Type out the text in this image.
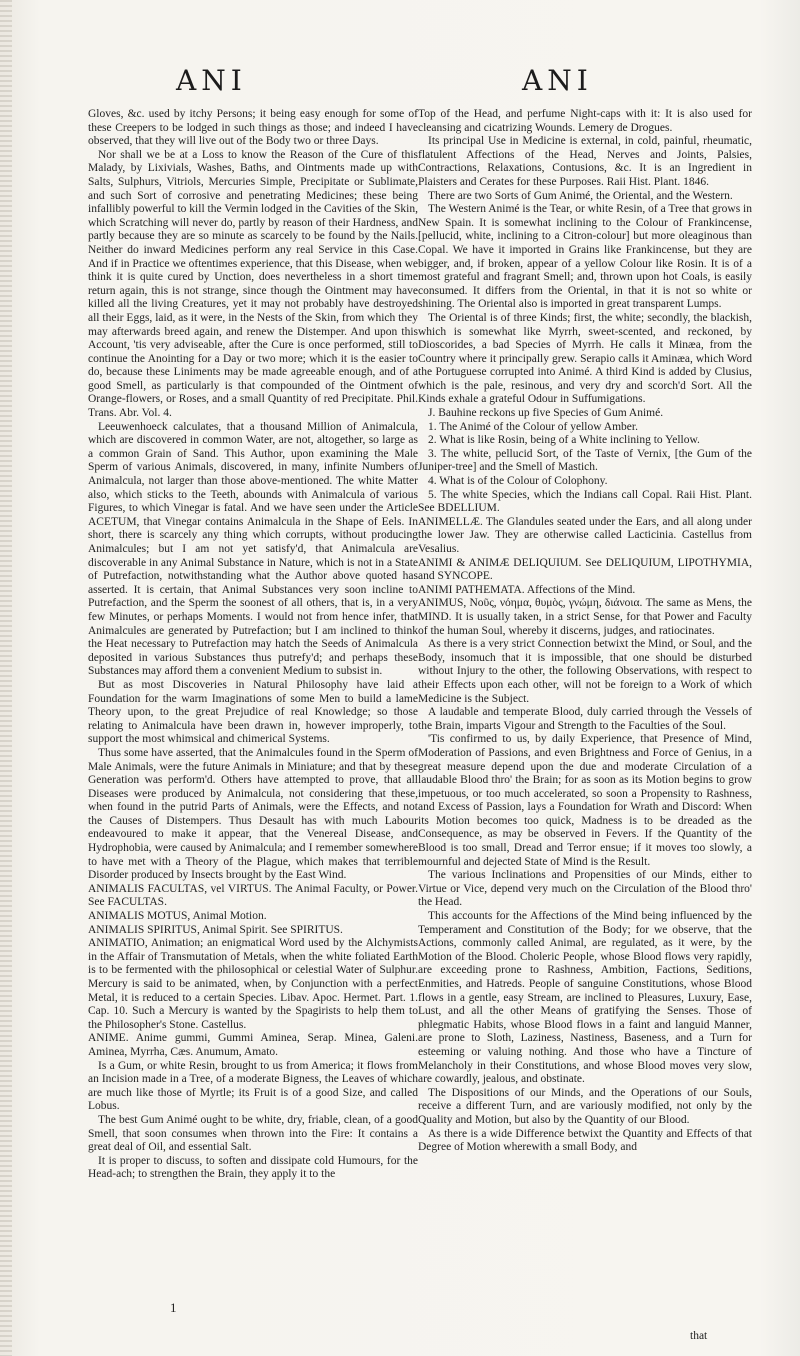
ANI	ANI

Gloves, &c. used by itchy Persons; it being easy enough for some of these Creepers to be lodged in such things as those; and indeed I have observed, that they will live out of the Body two or three Days.

Nor shall we be at a Loss to know the Reason of the Cure of this Malady, by Lixivials, Washes, Baths, and Ointments made up with Salts, Sulphurs, Vitriols, Mercuries Simple, Precipitate or Sublimate, and such Sort of corrosive and penetrating Medicines; these being infallibly powerful to kill the Vermin lodged in the Cavities of the Skin, which Scratching will never do, partly by reason of their Hardness, and partly because they are so minute as scarcely to be found by the Nails. Neither do inward Medicines perform any real Service in this Case. And if in Practice we oftentimes experience, that this Disease, when we think it is quite cured by Unction, does nevertheless in a short time return again, this is not strange, since though the Ointment may have killed all the living Creatures, yet it may not probably have destroyed all their Eggs, laid, as it were, in the Nests of the Skin, from which they may afterwards breed again, and renew the Distemper. And upon this Account, 'tis very adviseable, after the Cure is once performed, still to continue the Anointing for a Day or two more; which it is the easier to do, because these Liniments may be made agreeable enough, and of a good Smell, as particularly is that compounded of the Ointment of Orange-flowers, or Roses, and a small Quantity of red Precipitate. Phil. Trans. Abr. Vol. 4.

Leeuwenhoeck calculates, that a thousand Million of Animalcula, which are discovered in common Water, are not, altogether, so large as a common Grain of Sand. This Author, upon examining the Male Sperm of various Animals, discovered, in many, infinite Numbers of Animalcula, not larger than those above-mentioned. The white Matter also, which sticks to the Teeth, abounds with Animalcula of various Figures, to which Vinegar is fatal. And we have seen under the Article ACETUM, that Vinegar contains Animalcula in the Shape of Eels. In short, there is scarcely any thing which corrupts, without producing Animalcules; but I am not yet satisfy'd, that Animalcula are discoverable in any Animal Substance in Nature, which is not in a State of Putrefaction, notwithstanding what the Author above quoted has asserted. It is certain, that Animal Substances very soon incline to Putrefaction, and the Sperm the soonest of all others, that is, in a very few Minutes, or perhaps Moments. I would not from hence infer, that Animalcules are generated by Putrefaction; but I am inclined to think the Heat necessary to Putrefaction may hatch the Seeds of Animalcula deposited in various Substances thus putrefy'd; and perhaps these Substances may afford them a convenient Medium to subsist in.

But as most Discoveries in Natural Philosophy have laid a Foundation for the warm Imaginations of some Men to build a lame Theory upon, to the great Prejudice of real Knowledge; so those relating to Animalcula have been drawn in, however improperly, to support the most whimsical and chimerical Systems.

Thus some have asserted, that the Animalcules found in the Sperm of Male Animals, were the future Animals in Miniature; and that by these Generation was perform'd. Others have attempted to prove, that all Diseases were produced by Animalcula, not considering that these, when found in the putrid Parts of Animals, were the Effects, and not the Causes of Distempers. Thus Desault has with much Labour endeavoured to make it appear, that the Venereal Disease, and Hydrophobia, were caused by Animalcula; and I remember somewhere to have met with a Theory of the Plague, which makes that terrible Disorder produced by Insects brought by the East Wind.

ANIMALIS FACULTAS, vel VIRTUS. The Animal Faculty, or Power. See FACULTAS.

ANIMALIS MOTUS, Animal Motion.

ANIMALIS SPIRITUS, Animal Spirit. See SPIRITUS.

ANIMATIO, Animation; an enigmatical Word used by the Alchymists in the Affair of Transmutation of Metals, when the white foliated Earth is to be fermented with the philosophical or celestial Water of Sulphur. Mercury is said to be animated, when, by Conjunction with a perfect Metal, it is reduced to a certain Species. Libav. Apoc. Hermet. Part. 1. Cap. 10. Such a Mercury is wanted by the Spagirists to help them to the Philosopher's Stone. Castellus.

ANIME. Anime gummi, Gummi Aminea, Serap. Minea, Galeni. Aminea, Myrrha, Cæs. Anumum, Amato.

Is a Gum, or white Resin, brought to us from America; it flows from an Incision made in a Tree, of a moderate Bigness, the Leaves of which are much like those of Myrtle; its Fruit is of a good Size, and called Lobus.

The best Gum Animé ought to be white, dry, friable, clean, of a good Smell, that soon consumes when thrown into the Fire: It contains a great deal of Oil, and essential Salt.

It is proper to discuss, to soften and dissipate cold Humours, for the Head-ach; to strengthen the Brain, they apply it to the

Top of the Head, and perfume Night-caps with it: It is also used for cleansing and cicatrizing Wounds. Lemery de Drogues.

Its principal Use in Medicine is external, in cold, painful, rheumatic, flatulent Affections of the Head, Nerves and Joints, Palsies, Contractions, Relaxations, Contusions, &c. It is an Ingredient in Plaisters and Cerates for these Purposes. Raii Hist. Plant. 1846.

There are two Sorts of Gum Animé, the Oriental, and the Western.

The Western Animé is the Tear, or white Resin, of a Tree that grows in New Spain. It is somewhat inclining to the Colour of Frankincense, [pellucid, white, inclining to a Citron-colour] but more oleaginous than Copal. We have it imported in Grains like Frankincense, but they are bigger, and, if broken, appear of a yellow Colour like Rosin. It is of a most grateful and fragrant Smell; and, thrown upon hot Coals, is easily consumed. It differs from the Oriental, in that it is not so white or shining. The Oriental also is imported in great transparent Lumps.

The Oriental is of three Kinds; first, the white; secondly, the blackish, which is somewhat like Myrrh, sweet-scented, and reckoned, by Dioscorides, a bad Species of Myrrh. He calls it Minæa, from the Country where it principally grew. Serapio calls it Aminæa, which Word the Portuguese corrupted into Animé. A third Kind is added by Clusius, which is the pale, resinous, and very dry and scorch'd Sort. All the Kinds exhale a grateful Odour in Suffumigations.

J. Bauhine reckons up five Species of Gum Animé.

1. The Animé of the Colour of yellow Amber.

2. What is like Rosin, being of a White inclining to Yellow.

3. The white, pellucid Sort, of the Taste of Vernix, [the Gum of the Juniper-tree] and the Smell of Mastich.

4. What is of the Colour of Colophony.

5. The white Species, which the Indians call Copal. Raii Hist. Plant. See BDELLIUM.

ANIMELLÆ. The Glandules seated under the Ears, and all along under the lower Jaw. They are otherwise called Lacticinia. Castellus from Vesalius.

ANIMI & ANIMÆ DELIQUIUM. See DELIQUIUM, LIPOTHYMIA, and SYNCOPE.

ANIMI PATHEMATA. Affections of the Mind.

ANIMUS, Νοῦς, νόημα, θυμὸς, γνώμη, διάνοια. The same as Mens, the MIND. It is usually taken, in a strict Sense, for that Power and Faculty of the human Soul, whereby it discerns, judges, and ratiocinates.

As there is a very strict Connection betwixt the Mind, or Soul, and the Body, insomuch that it is impossible, that one should be disturbed without Injury to the other, the following Observations, with respect to their Effects upon each other, will not be foreign to a Work of which Medicine is the Subject.

A laudable and temperate Blood, duly carried through the Vessels of the Brain, imparts Vigour and Strength to the Faculties of the Soul.

'Tis confirmed to us, by daily Experience, that Presence of Mind, Moderation of Passions, and even Brightness and Force of Genius, in a great measure depend upon the due and moderate Circulation of a laudable Blood thro' the Brain; for as soon as its Motion begins to grow impetuous, or too much accelerated, so soon a Propensity to Rashness, and Excess of Passion, lays a Foundation for Wrath and Discord: When its Motion becomes too quick, Madness is to be dreaded as the Consequence, as may be observed in Fevers. If the Quantity of the Blood is too small, Dread and Terror ensue; if it moves too slowly, a mournful and dejected State of Mind is the Result.

The various Inclinations and Propensities of our Minds, either to Virtue or Vice, depend very much on the Circulation of the Blood thro' the Head.

This accounts for the Affections of the Mind being influenced by the Temperament and Constitution of the Body; for we observe, that the Actions, commonly called Animal, are regulated, as it were, by the Motion of the Blood. Choleric People, whose Blood flows very rapidly, are exceeding prone to Rashness, Ambition, Factions, Seditions, Enmities, and Hatreds. People of sanguine Constitutions, whose Blood flows in a gentle, easy Stream, are inclined to Pleasures, Luxury, Ease, Lust, and all the other Means of gratifying the Senses. Those of phlegmatic Habits, whose Blood flows in a faint and languid Manner, are prone to Sloth, Laziness, Nastiness, Baseness, and a Turn for esteeming or valuing nothing. And those who have a Tincture of Melancholy in their Constitutions, and whose Blood moves very slow, are cowardly, jealous, and obstinate.

The Dispositions of our Minds, and the Operations of our Souls, receive a different Turn, and are variously modified, not only by the Quality and Motion, but also by the Quantity of our Blood.

As there is a wide Difference betwixt the Quantity and Effects of that Degree of Motion wherewith a small Body, and

1
that
